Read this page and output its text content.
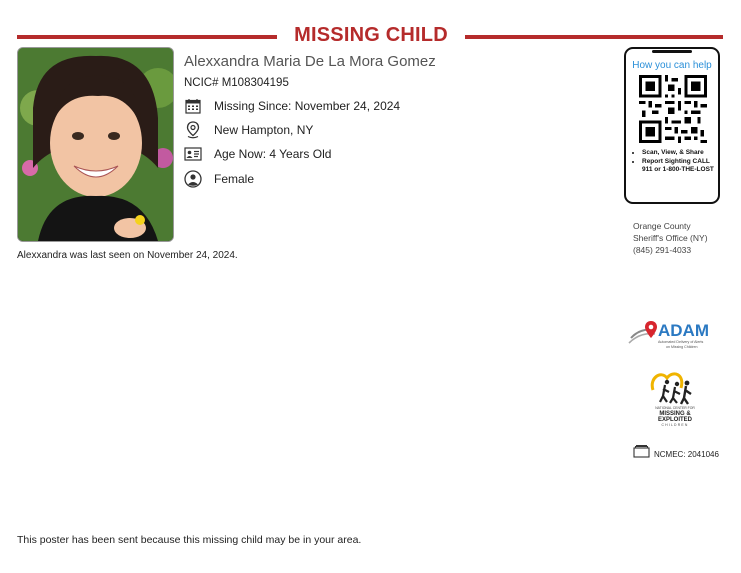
MISSING CHILD
Alexxandra Maria De La Mora Gomez
NCIC# M108304195
Missing Since: November 24, 2024
New Hampton, NY
Age Now: 4 Years Old
Female
Alexxandra was last seen on November 24, 2024.
How you can help
• Scan, View, & Share
• Report Sighting CALL 911 or 1-800-THE-LOST
Orange County
Sheriff's Office (NY)
(845) 291-4033
ADAM
Automated Delivery of Alerts
on Missing Children
NATIONAL CENTER FOR
MISSING &
EXPLOITED
CHILDREN
NCMEC: 2041046
This poster has been sent because this missing child may be in your area.
